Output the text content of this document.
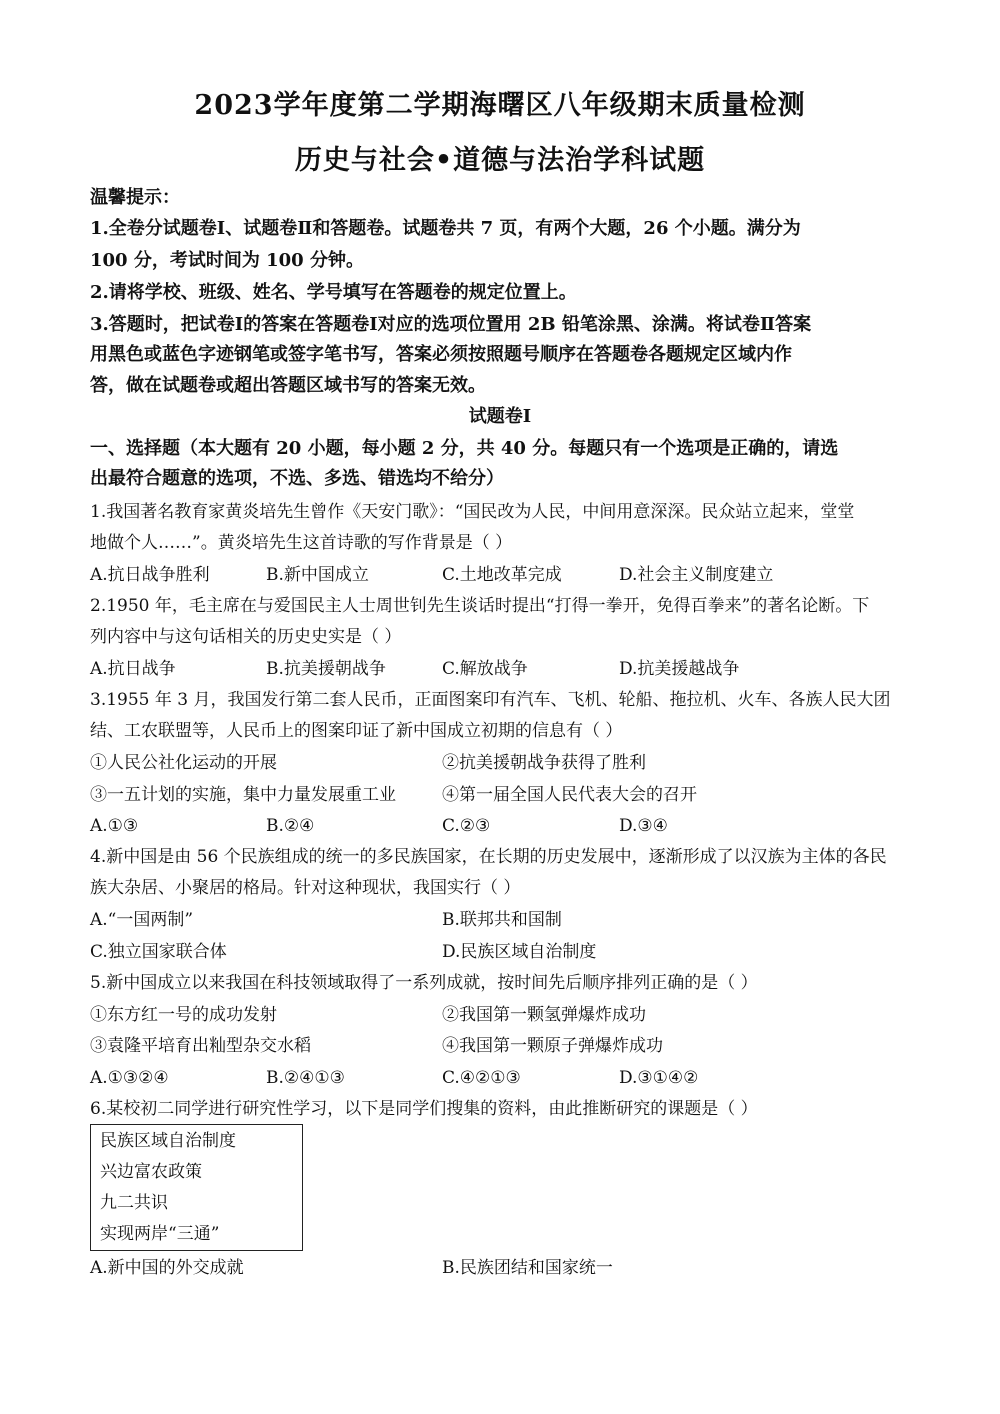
2023学年度第二学期海曙区八年级期末质量检测
历史与社会•道德与法治学科试题
温馨提示：
1.全卷分试题卷Ⅰ、试题卷Ⅱ和答题卷。试题卷共 7 页，有两个大题，26 个小题。满分为
100 分，考试时间为 100 分钟。
2.请将学校、班级、姓名、学号填写在答题卷的规定位置上。
3.答题时，把试卷Ⅰ的答案在答题卷Ⅰ对应的选项位置用 2B 铅笔涂黑、涂满。将试卷Ⅱ答案
用黑色或蓝色字迹钢笔或签字笔书写，答案必须按照题号顺序在答题卷各题规定区域内作
答，做在试题卷或超出答题区域书写的答案无效。
试题卷Ⅰ
一、选择题（本大题有 20 小题，每小题 2 分，共 40 分。每题只有一个选项是正确的，请选
出最符合题意的选项，不选、多选、错选均不给分）
1.我国著名教育家黄炎培先生曾作《天安门歌》：“国民改为人民，中间用意深深。民众站立起来，堂堂
地做个人……”。黄炎培先生这首诗歌的写作背景是（ ）
A.抗日战争胜利	B.新中国成立	C.土地改革完成	D.社会主义制度建立
2.1950 年，毛主席在与爱国民主人士周世钊先生谈话时提出“打得一拳开，免得百拳来”的著名论断。下
列内容中与这句话相关的历史史实是（ ）
A.抗日战争	B.抗美援朝战争	C.解放战争	D.抗美援越战争
3.1955 年 3 月，我国发行第二套人民币，正面图案印有汽车、飞机、轮船、拖拉机、火车、各族人民大团
结、工农联盟等，人民币上的图案印证了新中国成立初期的信息有（ ）
①人民公社化运动的开展	②抗美援朝战争获得了胜利
③一五计划的实施，集中力量发展重工业	④第一届全国人民代表大会的召开
A.①③	B.②④	C.②③	D.③④
4.新中国是由 56 个民族组成的统一的多民族国家，在长期的历史发展中，逐渐形成了以汉族为主体的各民
族大杂居、小聚居的格局。针对这种现状，我国实行（ ）
A.“一国两制”	B.联邦共和国制
C.独立国家联合体	D.民族区域自治制度
5.新中国成立以来我国在科技领域取得了一系列成就，按时间先后顺序排列正确的是（ ）
①东方红一号的成功发射	②我国第一颗氢弹爆炸成功
③袁隆平培育出籼型杂交水稻	④我国第一颗原子弹爆炸成功
A.①③②④	B.②④①③	C.④②①③	D.③①④②
6.某校初二同学进行研究性学习，以下是同学们搜集的资料，由此推断研究的课题是（ ）
民族区域自治制度
兴边富农政策
九二共识
实现两岸“三通”
A.新中国的外交成就	B.民族团结和国家统一
